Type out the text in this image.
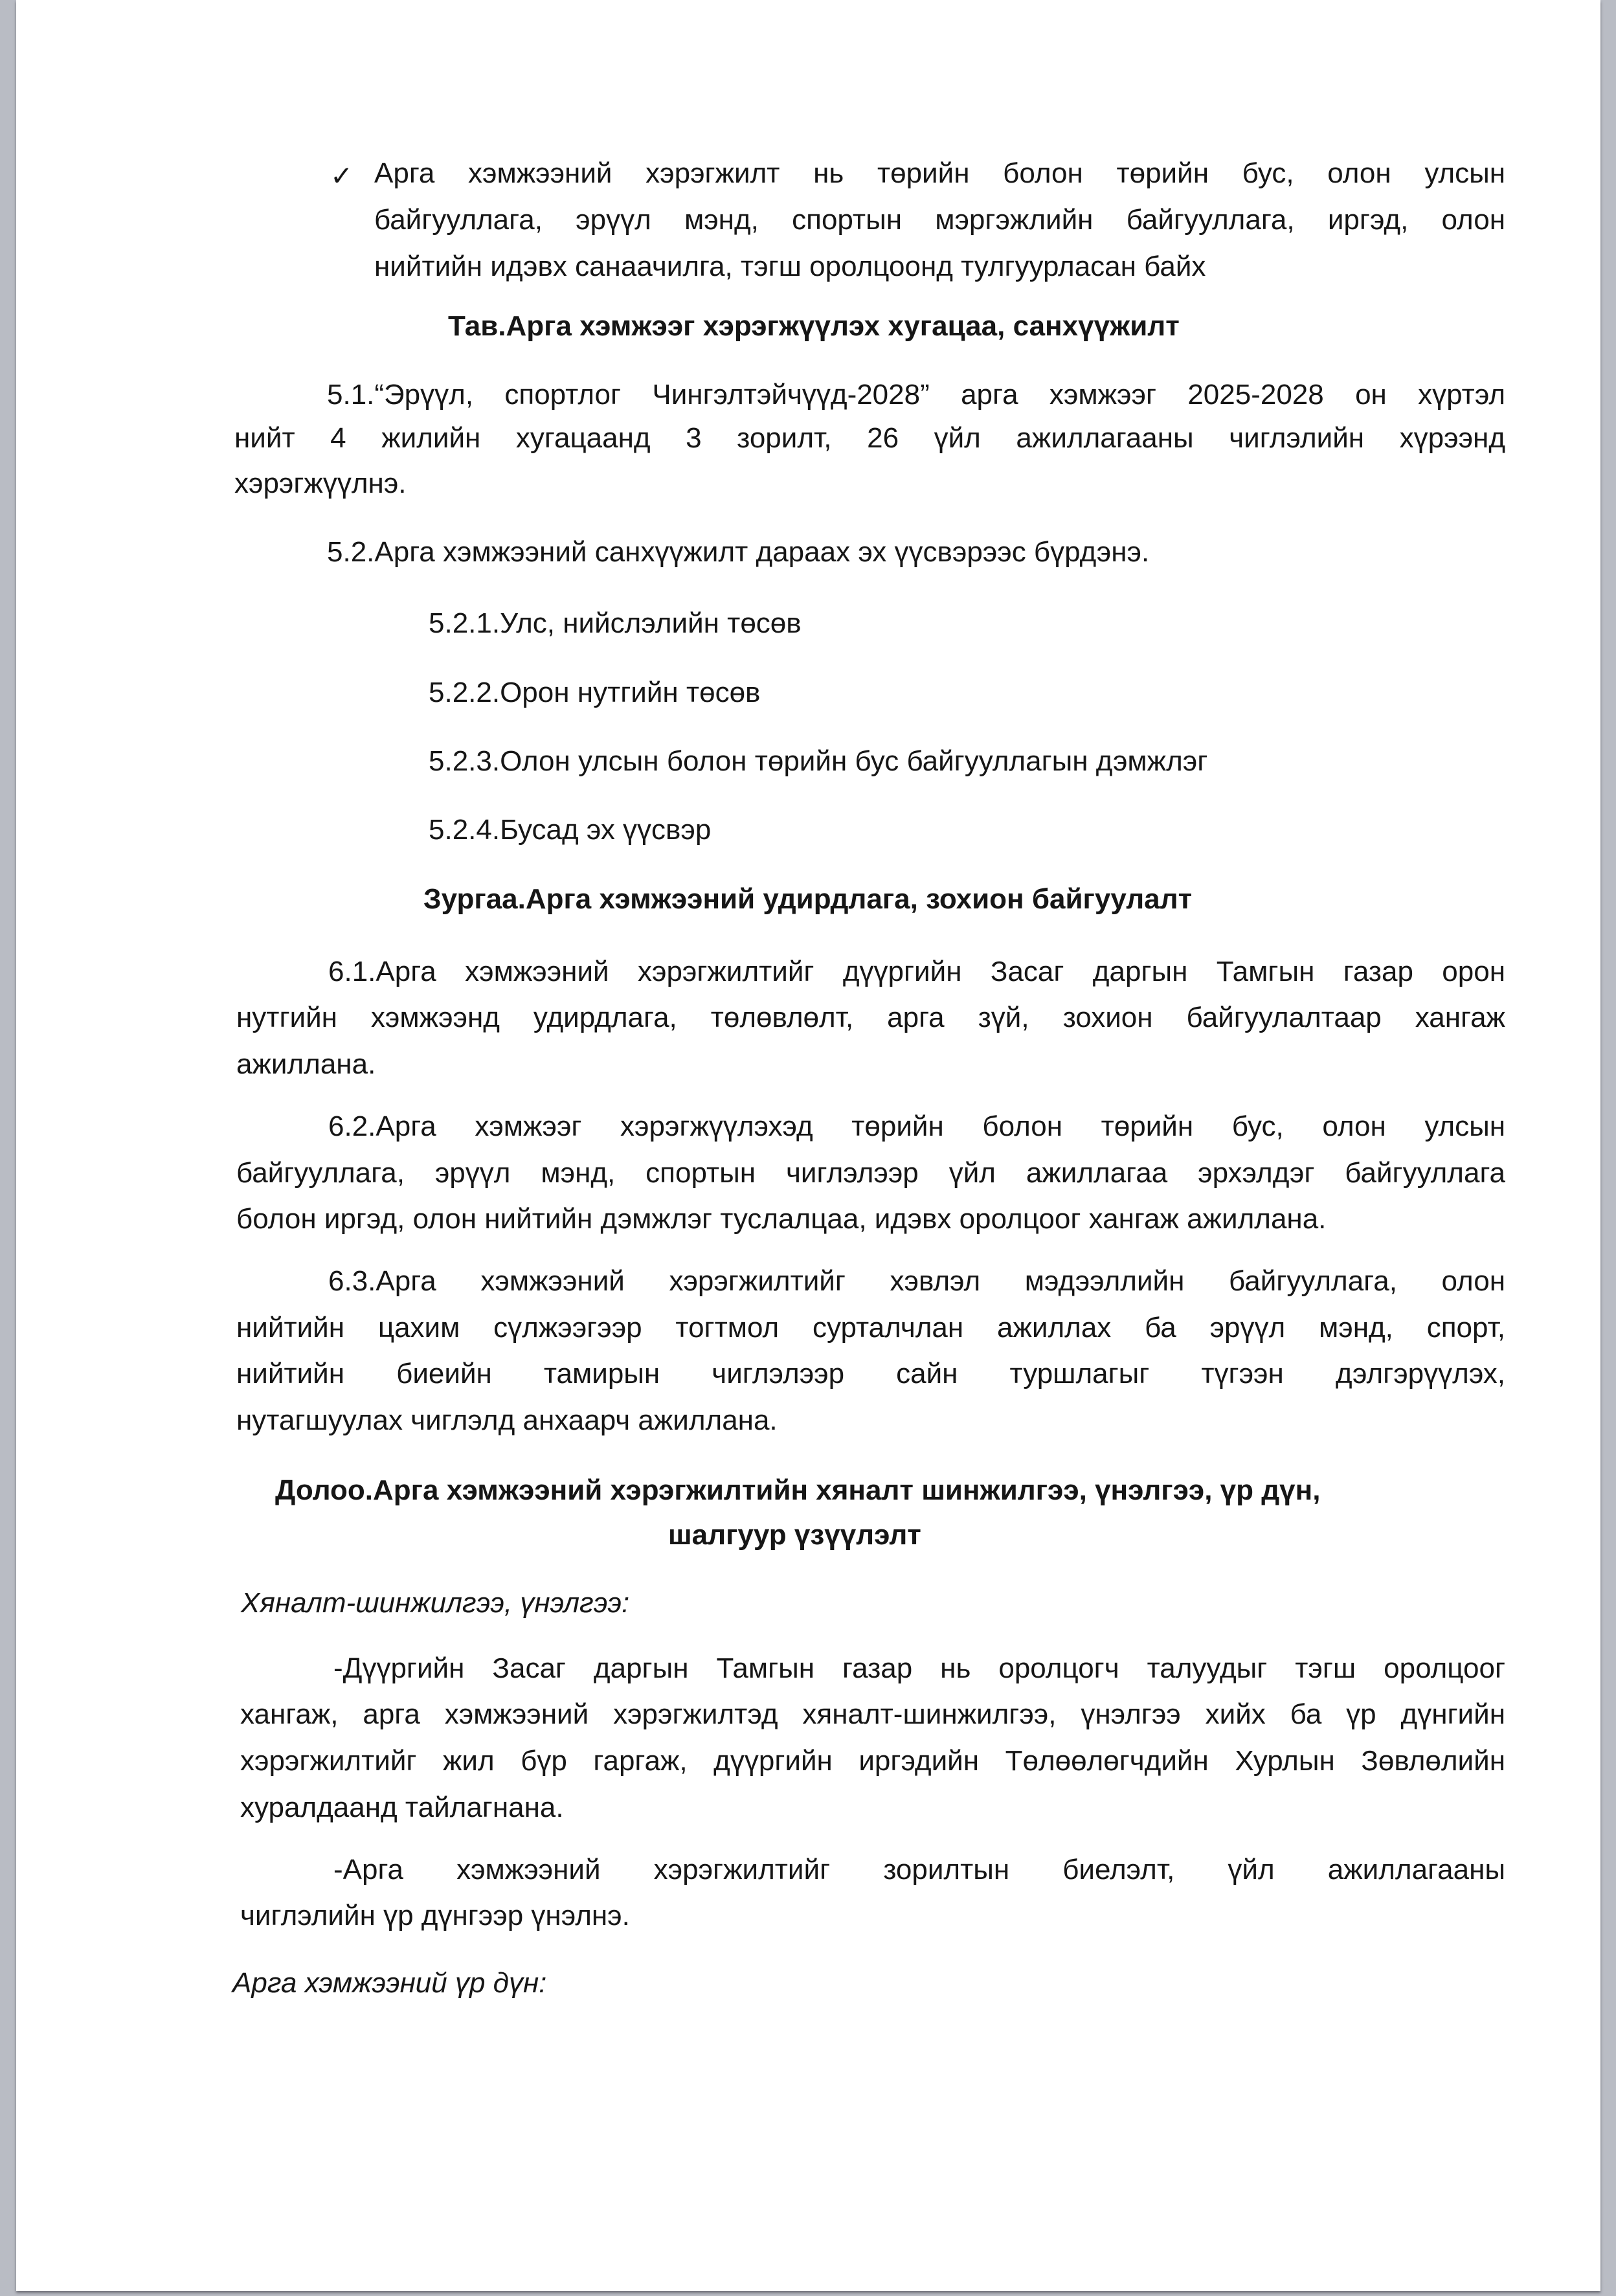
✓ Арга хэмжээний хэрэгжилт нь төрийн болон төрийн бус, олон улсын
байгууллага, эрүүл мэнд, спортын мэргэжлийн байгууллага, иргэд, олон
нийтийн идэвх санаачилга, тэгш оролцоонд тулгуурласан байх
Тав.Арга хэмжээг хэрэгжүүлэх хугацаа, санхүүжилт
5.1.“Эрүүл, спортлог Чингэлтэйчүүд-2028” арга хэмжээг 2025-2028 он хүртэл
нийт 4 жилийн хугацаанд 3 зорилт, 26 үйл ажиллагааны чиглэлийн хүрээнд
хэрэгжүүлнэ.
5.2.Арга хэмжээний санхүүжилт дараах эх үүсвэрээс бүрдэнэ.
5.2.1.Улс, нийслэлийн төсөв
5.2.2.Орон нутгийн төсөв
5.2.3.Олон улсын болон төрийн бус байгууллагын дэмжлэг
5.2.4.Бусад эх үүсвэр
Зургаа.Арга хэмжээний удирдлага, зохион байгуулалт
6.1.Арга хэмжээний хэрэгжилтийг дүүргийн Засаг даргын Тамгын газар орон
нутгийн хэмжээнд удирдлага, төлөвлөлт, арга зүй, зохион байгуулалтаар хангаж
ажиллана.
6.2.Арга хэмжээг хэрэгжүүлэхэд төрийн болон төрийн бус, олон улсын
байгууллага, эрүүл мэнд, спортын чиглэлээр үйл ажиллагаа эрхэлдэг байгууллага
болон иргэд, олон нийтийн дэмжлэг туслалцаа, идэвх оролцоог хангаж ажиллана.
6.3.Арга хэмжээний хэрэгжилтийг хэвлэл мэдээллийн байгууллага, олон
нийтийн цахим сүлжээгээр тогтмол сурталчлан ажиллах ба эрүүл мэнд, спорт,
нийтийн биеийн тамирын чиглэлээр сайн туршлагыг түгээн дэлгэрүүлэх,
нутагшуулах чиглэлд анхаарч ажиллана.
Долоо.Арга хэмжээний хэрэгжилтийн хяналт шинжилгээ, үнэлгээ, үр дүн,
шалгуур үзүүлэлт
Хяналт-шинжилгээ, үнэлгээ:
-Дүүргийн Засаг даргын Тамгын газар нь оролцогч талуудыг тэгш оролцоог
хангаж, арга хэмжээний хэрэгжилтэд хяналт-шинжилгээ, үнэлгээ хийх ба үр дүнгийн
хэрэгжилтийг жил бүр гаргаж, дүүргийн иргэдийн Төлөөлөгчдийн Хурлын Зөвлөлийн
хуралдаанд тайлагнана.
-Арга хэмжээний хэрэгжилтийг зорилтын биелэлт, үйл ажиллагааны
чиглэлийн үр дүнгээр үнэлнэ.
Арга хэмжээний үр дүн:
